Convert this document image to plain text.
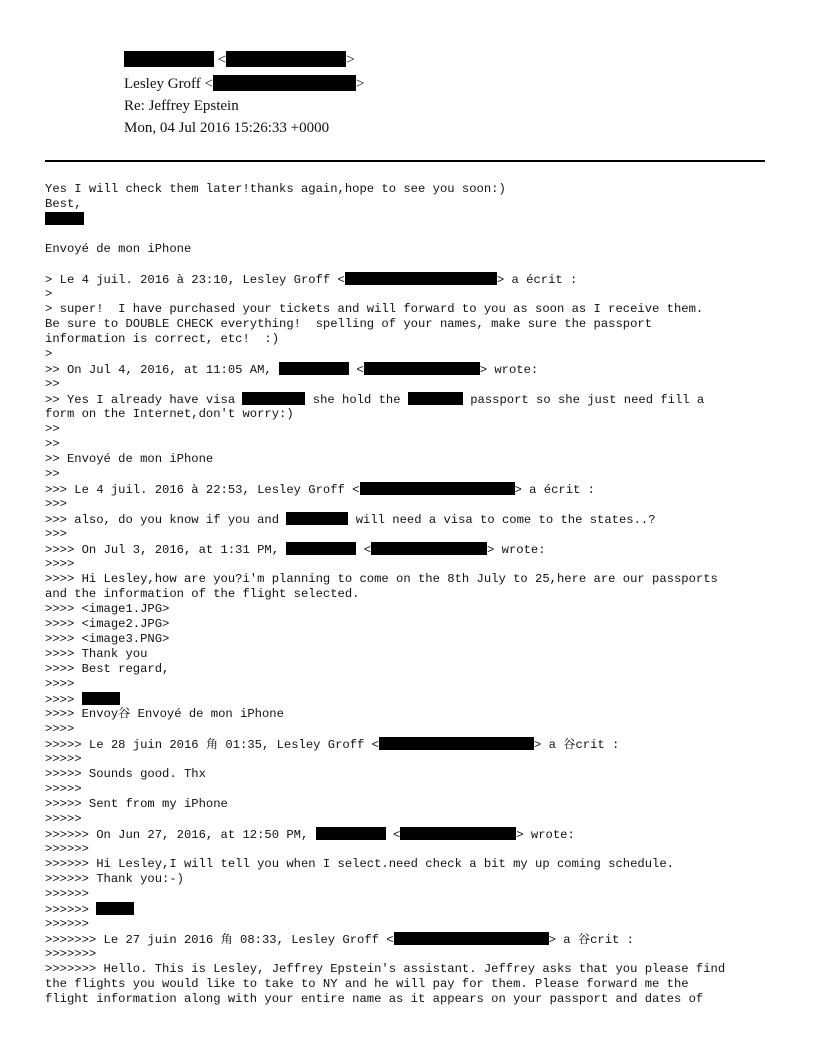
<	>
Lesley Groff <	>
Re: Jeffrey Epstein
Mon, 04 Jul 2016 15:26:33 +0000
Yes I will check them later!thanks again,hope to see you soon:)
Best,
Envoyé de mon iPhone
> Le 4 juil. 2016 à 23:10, Lesley Groff <	> a écrit :
>
> super!  I have purchased your tickets and will forward to you as soon as I receive them.
Be sure to DOUBLE CHECK everything!  spelling of your names, make sure the passport
information is correct, etc!  :)
>
>> On Jul 4, 2016, at 11:05 AM,	<	> wrote:
>>
>> Yes I already have visa	she hold the	passport so she just need fill a
form on the Internet,don't worry:)
>>
>>
>> Envoyé de mon iPhone
>>
>>> Le 4 juil. 2016 à 22:53, Lesley Groff <	> a écrit :
>>>
>>> also, do you know if you and	will need a visa to come to the states..?
>>>
>>>> On Jul 3, 2016, at 1:31 PM,	<	> wrote:
>>>>
>>>> Hi Lesley,how are you?i'm planning to come on the 8th July to 25,here are our passports
and the information of the flight selected.
>>>> <image1.JPG>
>>>> <image2.JPG>
>>>> <image3.PNG>
>>>> Thank you
>>>> Best regard,
>>>>
>>>>
>>>> Envoy谷 Envoyé de mon iPhone
>>>>
>>>>> Le 28 juin 2016 角 01:35, Lesley Groff <	> a 谷crit :
>>>>>
>>>>> Sounds good. Thx
>>>>>
>>>>> Sent from my iPhone
>>>>>
>>>>>> On Jun 27, 2016, at 12:50 PM,	<	> wrote:
>>>>>>
>>>>>> Hi Lesley,I will tell you when I select.need check a bit my up coming schedule.
>>>>>> Thank you:-)
>>>>>>
>>>>>>
>>>>>>
>>>>>>> Le 27 juin 2016 角 08:33, Lesley Groff <	> a 谷crit :
>>>>>>>
>>>>>>> Hello. This is Lesley, Jeffrey Epstein's assistant. Jeffrey asks that you please find
the flights you would like to take to NY and he will pay for them. Please forward me the
flight information along with your entire name as it appears on your passport and dates of
